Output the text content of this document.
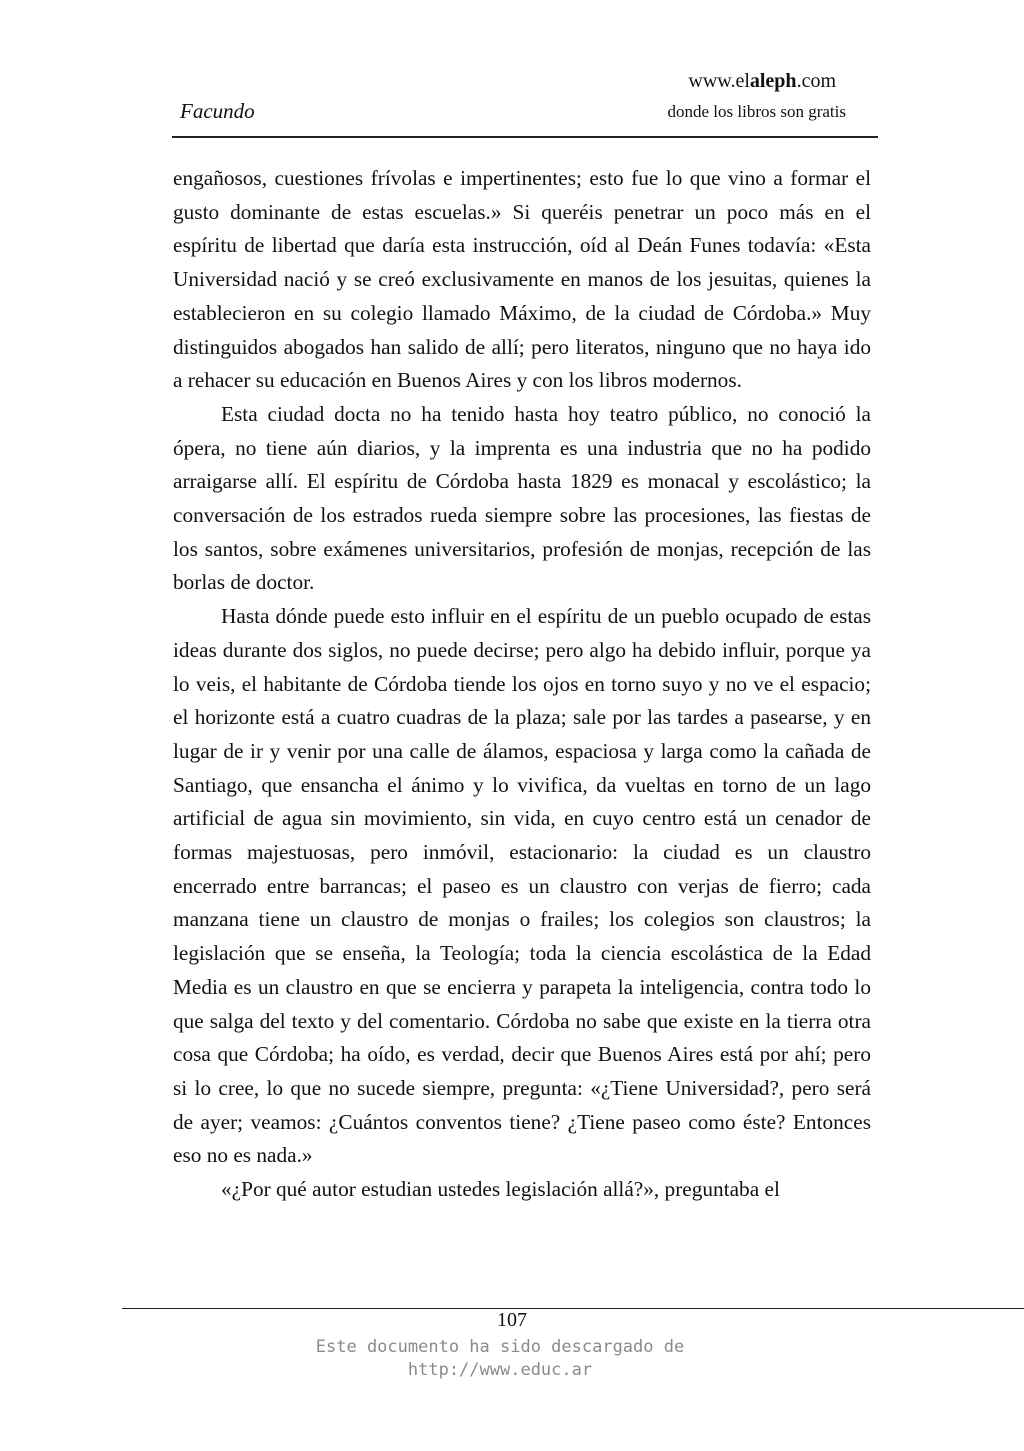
www.elaleph.com
Facundo	donde los libros son gratis

engañosos, cuestiones frívolas e impertinentes; esto fue lo que vino a formar el gusto dominante de estas escuelas.» Si queréis penetrar un poco más en el espíritu de libertad que daría esta instrucción, oíd al Deán Funes todavía: «Esta Universidad nació y se creó exclusivamente en manos de los jesuitas, quienes la establecieron en su colegio llamado Máximo, de la ciudad de Córdoba.» Muy distinguidos abogados han salido de allí; pero literatos, ninguno que no haya ido a rehacer su educación en Buenos Aires y con los libros modernos.

Esta ciudad docta no ha tenido hasta hoy teatro público, no conoció la ópera, no tiene aún diarios, y la imprenta es una industria que no ha podido arraigarse allí. El espíritu de Córdoba hasta 1829 es monacal y escolástico; la conversación de los estrados rueda siempre sobre las procesiones, las fiestas de los santos, sobre exámenes universitarios, profesión de monjas, recepción de las borlas de doctor.

Hasta dónde puede esto influir en el espíritu de un pueblo ocupado de estas ideas durante dos siglos, no puede decirse; pero algo ha debido influir, porque ya lo veis, el habitante de Córdoba tiende los ojos en torno suyo y no ve el espacio; el horizonte está a cuatro cuadras de la plaza; sale por las tardes a pasearse, y en lugar de ir y venir por una calle de álamos, espaciosa y larga como la cañada de Santiago, que ensancha el ánimo y lo vivifica, da vueltas en torno de un lago artificial de agua sin movimiento, sin vida, en cuyo centro está un cenador de formas majestuosas, pero inmóvil, estacionario: la ciudad es un claustro encerrado entre barrancas; el paseo es un claustro con verjas de fierro; cada manzana tiene un claustro de monjas o frailes; los colegios son claustros; la legislación que se enseña, la Teología; toda la ciencia escolástica de la Edad Media es un claustro en que se encierra y parapeta la inteligencia, contra todo lo que salga del texto y del comentario. Córdoba no sabe que existe en la tierra otra cosa que Córdoba; ha oído, es verdad, decir que Buenos Aires está por ahí; pero si lo cree, lo que no sucede siempre, pregunta: «¿Tiene Universidad?, pero será de ayer; veamos: ¿Cuántos conventos tiene? ¿Tiene paseo como éste? Entonces eso no es nada.»

«¿Por qué autor estudian ustedes legislación allá?», preguntaba el

107
Este documento ha sido descargado de
http://www.educ.ar
